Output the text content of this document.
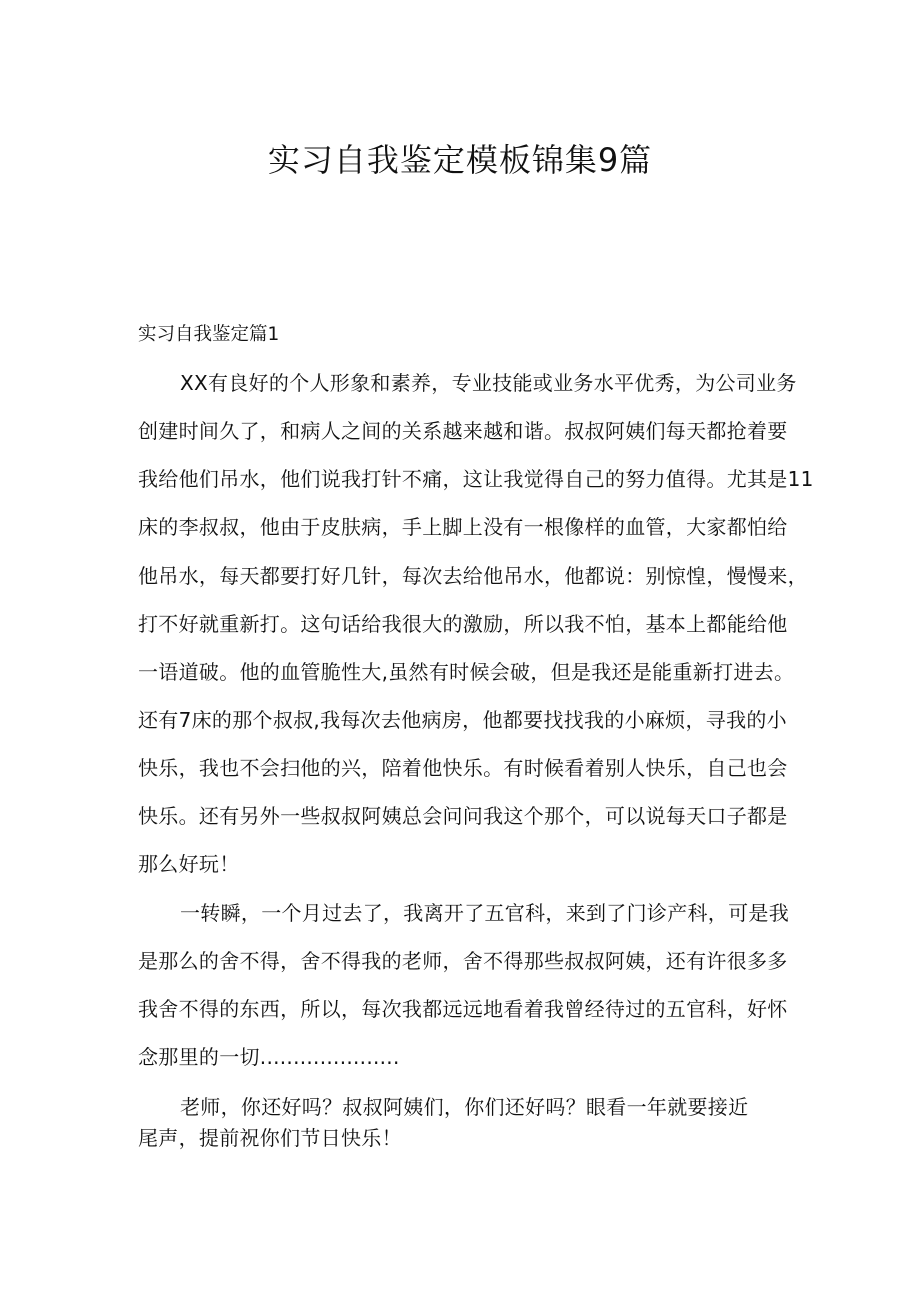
实习自我鉴定模板锦集9篇
实习自我鉴定篇1
XX有良好的个人形象和素养，专业技能或业务水平优秀，为公司业务
创建时间久了，和病人之间的关系越来越和谐。叔叔阿姨们每天都抢着要
我给他们吊水，他们说我打针不痛，这让我觉得自己的努力值得。尤其是11
床的李叔叔，他由于皮肤病，手上脚上没有一根像样的血管，大家都怕给
他吊水，每天都要打好几针，每次去给他吊水，他都说：别惊惶，慢慢来，
打不好就重新打。这句话给我很大的激励，所以我不怕，基本上都能给他
一语道破。他的血管脆性大,虽然有时候会破，但是我还是能重新打进去。
还有7床的那个叔叔,我每次去他病房，他都要找找我的小麻烦，寻我的小
快乐，我也不会扫他的兴，陪着他快乐。有时候看着别人快乐，自己也会
快乐。还有另外一些叔叔阿姨总会问问我这个那个，可以说每天口子都是
那么好玩！
一转瞬，一个月过去了，我离开了五官科，来到了门诊产科，可是我
是那么的舍不得，舍不得我的老师，舍不得那些叔叔阿姨，还有许很多多
我舍不得的东西，所以，每次我都远远地看着我曾经待过的五官科，好怀
念那里的一切.....................
老师，你还好吗？叔叔阿姨们，你们还好吗？眼看一年就要接近
尾声，提前祝你们节日快乐！
